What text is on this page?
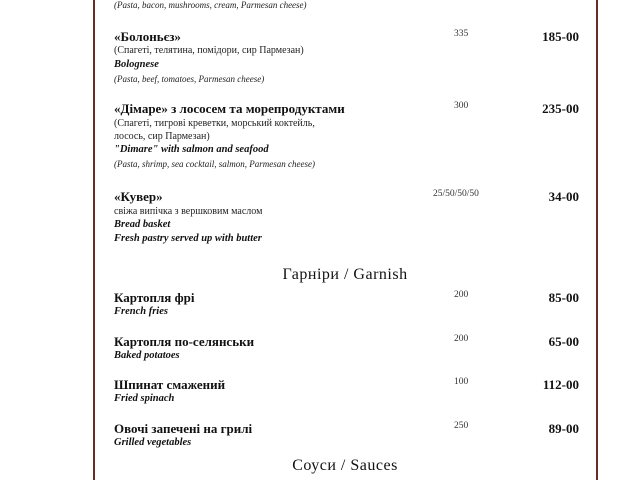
(Pasta, bacon, mushrooms, cream, Parmesan cheese)
«Болоньєз»
(Спагеті, телятина, помідори, сир Пармезан)
Bolognese
(Pasta, beef, tomatoes, Parmesan cheese)
335	185-00
«Дімаре» з лососем та морепродуктами
(Спагеті, тигрові креветки, морський коктейль,
лосось, сир Пармезан)
"Dimare" with salmon and seafood
(Pasta, shrimp, sea cocktail, salmon, Parmesan cheese)
300	235-00
«Кувер»
свіжа випічка з вершковим маслом
Bread basket
Fresh pastry served up with butter
25/50/50/50	34-00
Гарніри / Garnish
Картопля фрі
French fries
200	85-00
Картопля по-селянськи
Baked potatoes
200	65-00
Шпинат смажений
Fried spinach
100	112-00
Овочі запечені на грилі
Grilled vegetables
250	89-00
Соуси / Sauces
